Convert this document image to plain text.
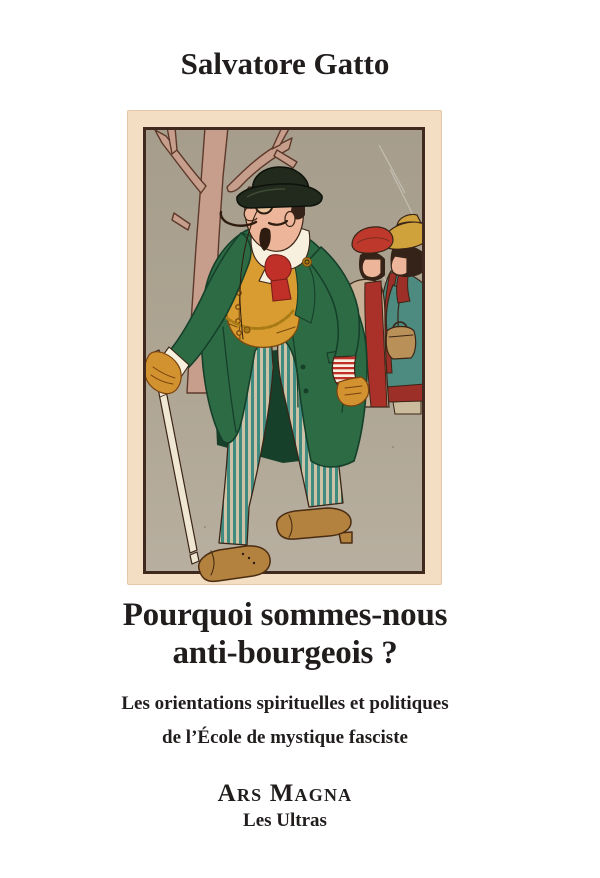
Salvatore Gatto
Pourquoi sommes-nous
anti-bourgeois ?
Les orientations spirituelles et politiques
de l’École de mystique fasciste
Ars Magna
Les Ultras
